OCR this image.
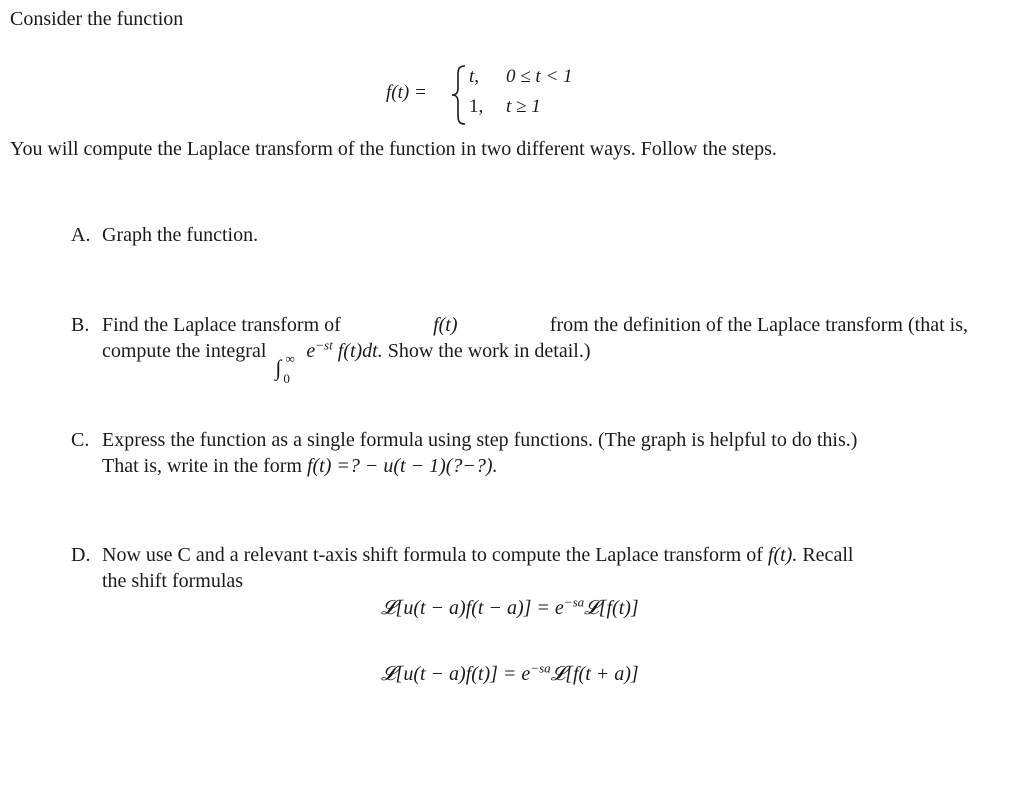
Consider the function
f(t) =
t, 0 ≤ t < 1
1, t ≥ 1
You will compute the Laplace transform of the function in two different ways. Follow the steps.
A. Graph the function.
B. Find the Laplace transform of	f(t)	from the definition of the Laplace transform (that is,
compute the integral
∫ ∞
0
$e^{-st}$ f(t)dt. Show the work in detail.)
C. Express the function as a single formula using step functions. (The graph is helpful to do this.)
That is, write in the form f(t) =? − u(t − 1)(?−?).
D. Now use C and a relevant t-axis shift formula to compute the Laplace transform of f(t). Recall
the shift formulas
𝓛[u(t − $a)f(t - a)] = e^{-sa}𝓛[f(t)]$
𝓛[u(t − $a)f(t)] = e^{-sa}𝓛[f(t + a)]$
